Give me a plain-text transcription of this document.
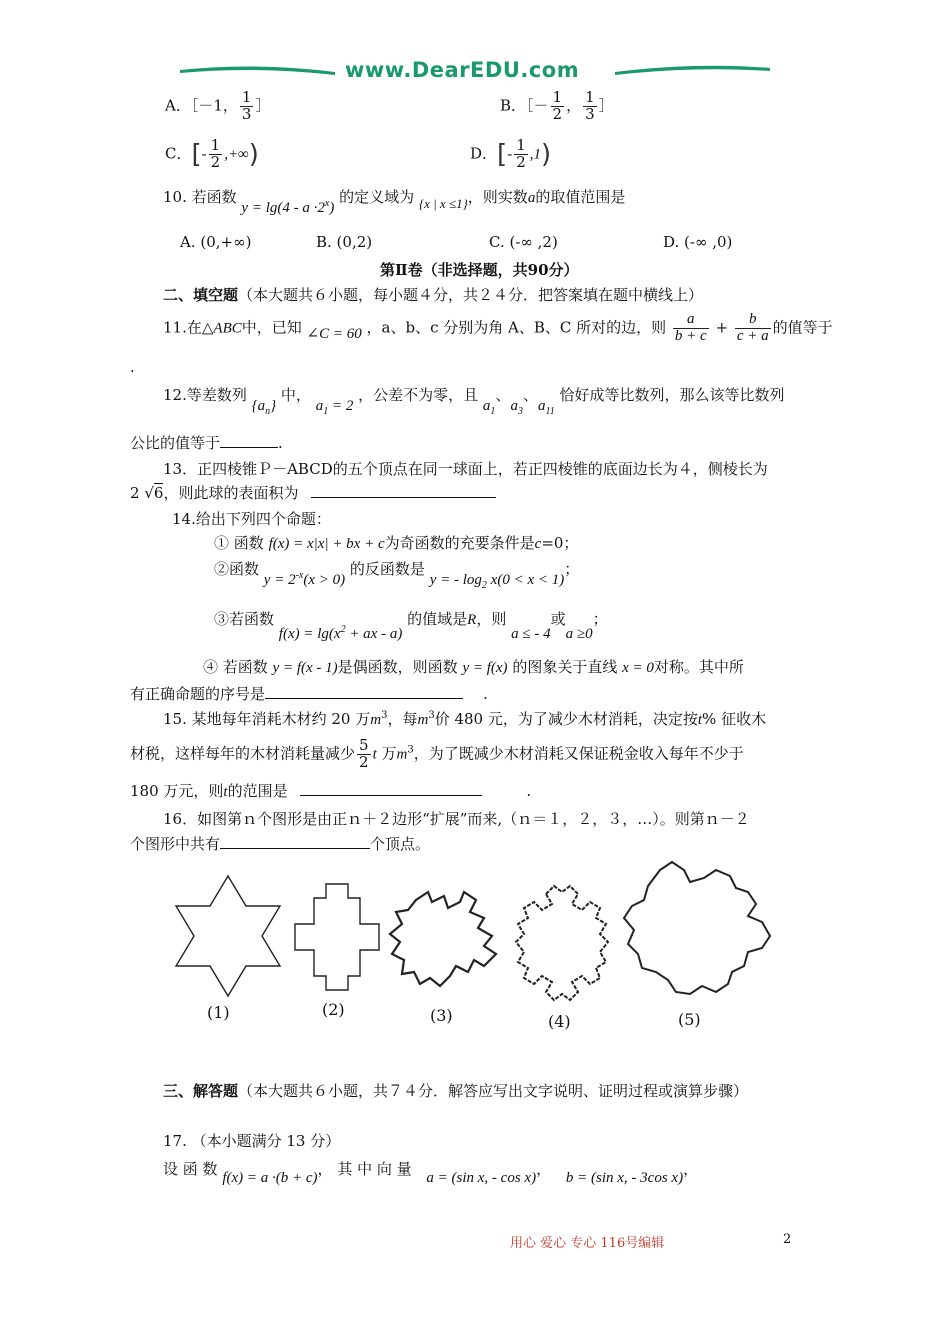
www.DearEDU.com
A．［－1， $\frac{1}{3}$ ］	B．［－ $\frac{1}{2}$ ， $\frac{1}{3}$ ］
C．[- $\frac{1}{2}$ ,+∞)	D．[- $\frac{1}{2} ,1$)
10. 若函数 $y = \lg(4 - a \cdot 2^x)$ 的定义域为 {x | x ≤1}，则实数a的取值范围是
A. (0,+∞)	B. (0,2)	C. (-∞ ,2)	D. (-∞ ,0)
第Ⅱ卷（非选择题，共90分）
二、填空题（本大题共６小题，每小题４分，共２４分．把答案填在题中横线上）
11.在△ABC中，已知 ∠C = 60 ，a、b、c 分别为角 A、B、C 所对的边，则 $\frac{a}{b + c} + \frac{b}{c + a}$ 的值等于
.
12.等差数列 $\{a_n\}$ 中， $a_1 = 2$ ，公差不为零，且 $a_1$、$a_3$、$a_{11}$ 恰好成等比数列，那么该等比数列
公比的值等于	.
13．正四棱锥Ｐ－ABCD的五个顶点在同一球面上，若正四棱锥的底面边长为４，侧棱长为
2 √6，则此球的表面积为
14.给出下列四个命题：
① 函数 f(x) = x|x| + bx + c为奇函数的充要条件是c=0；
②函数 $y = 2^{-x}(x > 0)$ 的反函数是 y = - $\log_2 x(0 < x < 1)$；
③若函数 $f(x) = \lg(x^2$ + ax - a) 的值域是R，则 a ≤ - 4或a ≥0；
④ 若函数 y = f(x - 1)是偶函数，则函数 y = f(x) 的图象关于直线 x = 0对称。其中所
有正确命题的序号是	.
15. 某地每年消耗木材约 20 万$m^3$，每$m^3$价 480 元，为了减少木材消耗，决定按t% 征收木
材税，这样每年的木材消耗量减少 $\frac{5}{2}$ t 万$m^3$，为了既减少木材消耗又保证税金收入每年不少于
180 万元，则t的范围是	.
16．如图第ｎ个图形是由正ｎ＋２边形“扩展”而来,（ｎ＝１，２，３，…）。则第ｎ－２
个图形中共有	个顶点。
(1)	(2)	(3)	(4)	(5)
三、解答题（本大题共６小题，共７４分．解答应写出文字说明、证明过程或演算步骤）
17. （本小题满分 13 分）
设 函 数 f(x) = a ·(b + c)， 其 中 向 量 a = (sin x, - cos x)， b = (sin x, - 3cos x)，
用心 爱心 专心 116号编辑	2
